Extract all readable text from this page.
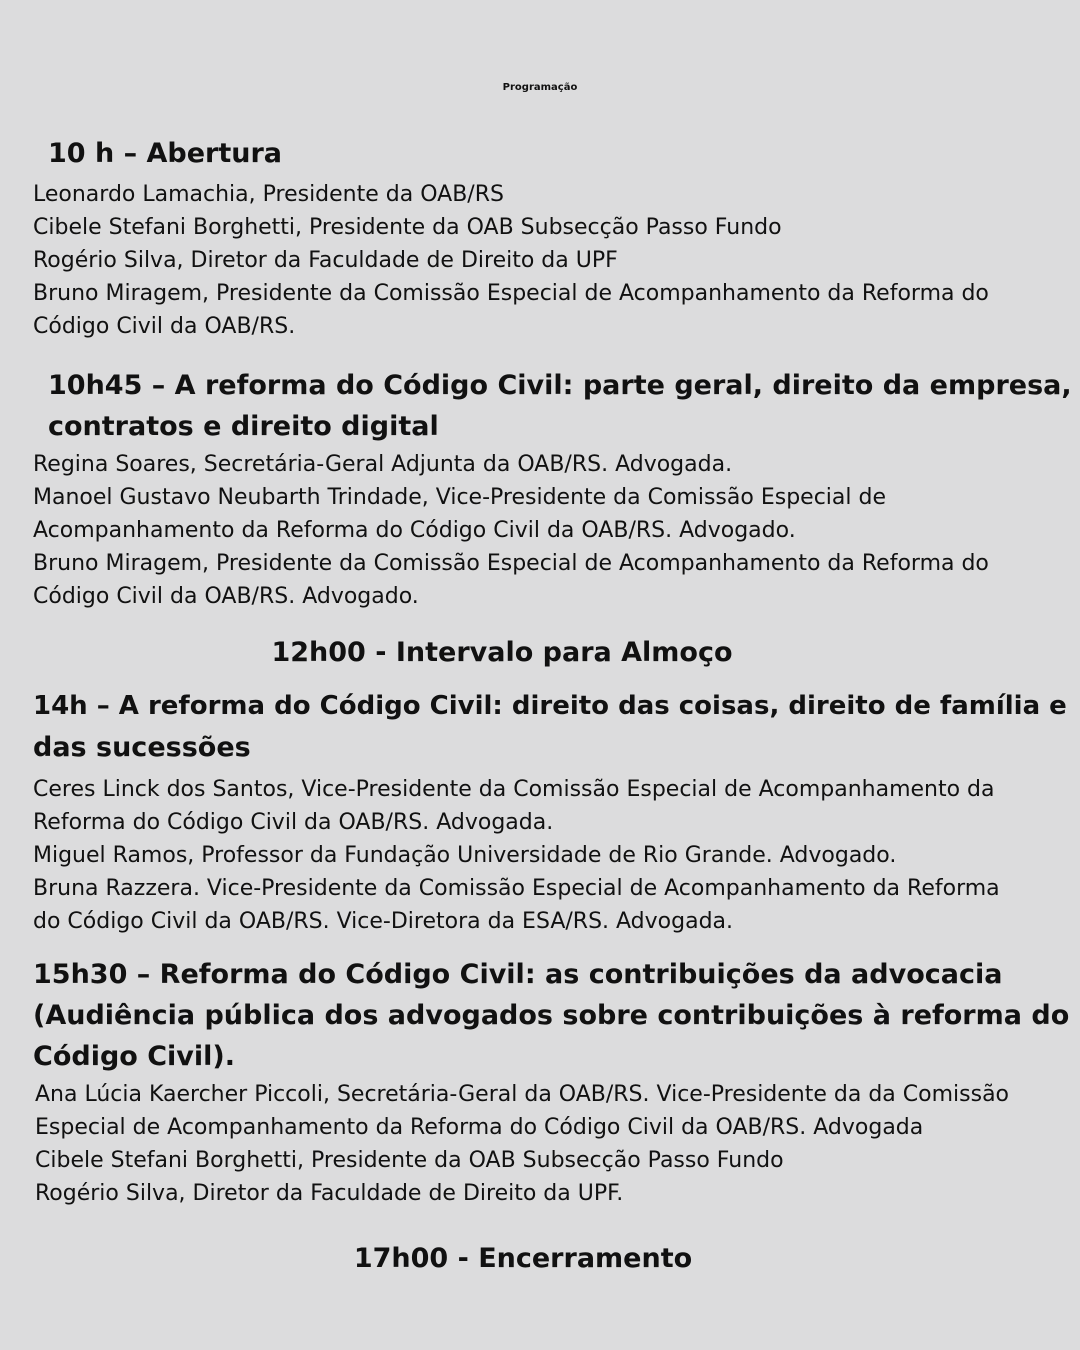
Programação
10 h – Abertura
Leonardo Lamachia, Presidente da OAB/RS
Cibele Stefani Borghetti, Presidente da OAB Subsecção Passo Fundo
Rogério Silva, Diretor da Faculdade de Direito da UPF
Bruno Miragem, Presidente da Comissão Especial de Acompanhamento da Reforma do
Código Civil da OAB/RS.
10h45 – A reforma do Código Civil: parte geral, direito da empresa,
contratos e direito digital
Regina Soares, Secretária-Geral Adjunta da OAB/RS. Advogada.
Manoel Gustavo Neubarth Trindade, Vice-Presidente da Comissão Especial de
Acompanhamento da Reforma do Código Civil da OAB/RS. Advogado.
Bruno Miragem, Presidente da Comissão Especial de Acompanhamento da Reforma do
Código Civil da OAB/RS. Advogado.
12h00 - Intervalo para Almoço
14h – A reforma do Código Civil: direito das coisas, direito de família e
das sucessões
Ceres Linck dos Santos, Vice-Presidente da Comissão Especial de Acompanhamento da
Reforma do Código Civil da OAB/RS. Advogada.
Miguel Ramos, Professor da Fundação Universidade de Rio Grande. Advogado.
Bruna Razzera. Vice-Presidente da Comissão Especial de Acompanhamento da Reforma
do Código Civil da OAB/RS. Vice-Diretora da ESA/RS. Advogada.
15h30 – Reforma do Código Civil: as contribuições da advocacia
(Audiência pública dos advogados sobre contribuições à reforma do
Código Civil).
Ana Lúcia Kaercher Piccoli, Secretária-Geral da OAB/RS. Vice-Presidente da da Comissão
Especial de Acompanhamento da Reforma do Código Civil da OAB/RS. Advogada
Cibele Stefani Borghetti, Presidente da OAB Subsecção Passo Fundo
Rogério Silva, Diretor da Faculdade de Direito da UPF.
17h00 - Encerramento
